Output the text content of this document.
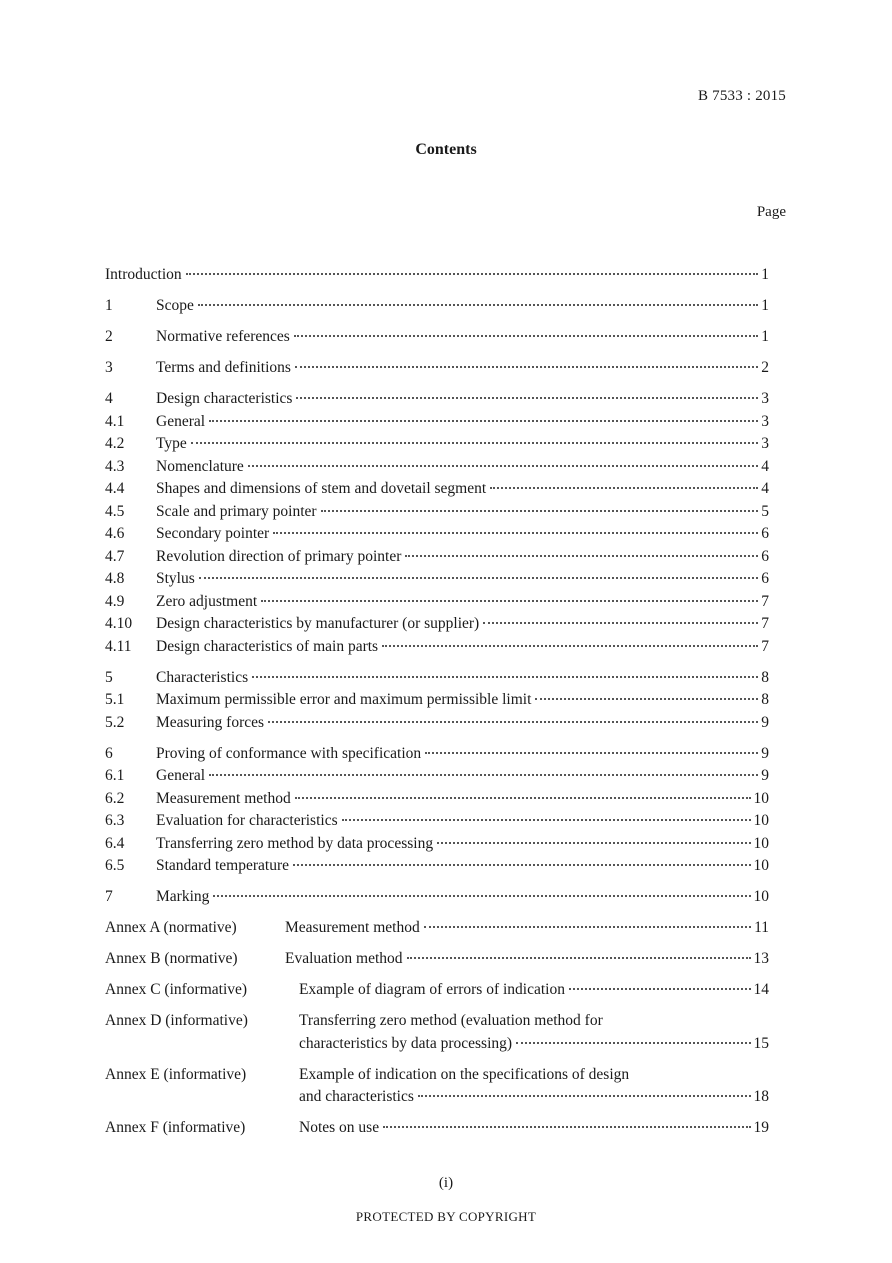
B 7533 : 2015
Contents
Page
Introduction	1
1	Scope	1
2	Normative references	1
3	Terms and definitions	2
4	Design characteristics	3
4.1	General	3
4.2	Type	3
4.3	Nomenclature	4
4.4	Shapes and dimensions of stem and dovetail segment	4
4.5	Scale and primary pointer	5
4.6	Secondary pointer	6
4.7	Revolution direction of primary pointer	6
4.8	Stylus	6
4.9	Zero adjustment	7
4.10	Design characteristics by manufacturer (or supplier)	7
4.11	Design characteristics of main parts	7
5	Characteristics	8
5.1	Maximum permissible error and maximum permissible limit	8
5.2	Measuring forces	9
6	Proving of conformance with specification	9
6.1	General	9
6.2	Measurement method	10
6.3	Evaluation for characteristics	10
6.4	Transferring zero method by data processing	10
6.5	Standard temperature	10
7	Marking	10
Annex A (normative)	Measurement method	11
Annex B (normative)	Evaluation method	13
Annex C (informative)	Example of diagram of errors of indication	14
Annex D (informative)	Transferring zero method (evaluation method for
characteristics by data processing)	15
Annex E (informative)	Example of indication on the specifications of design
and characteristics	18
Annex F (informative)	Notes on use	19
(i)
PROTECTED BY COPYRIGHT
